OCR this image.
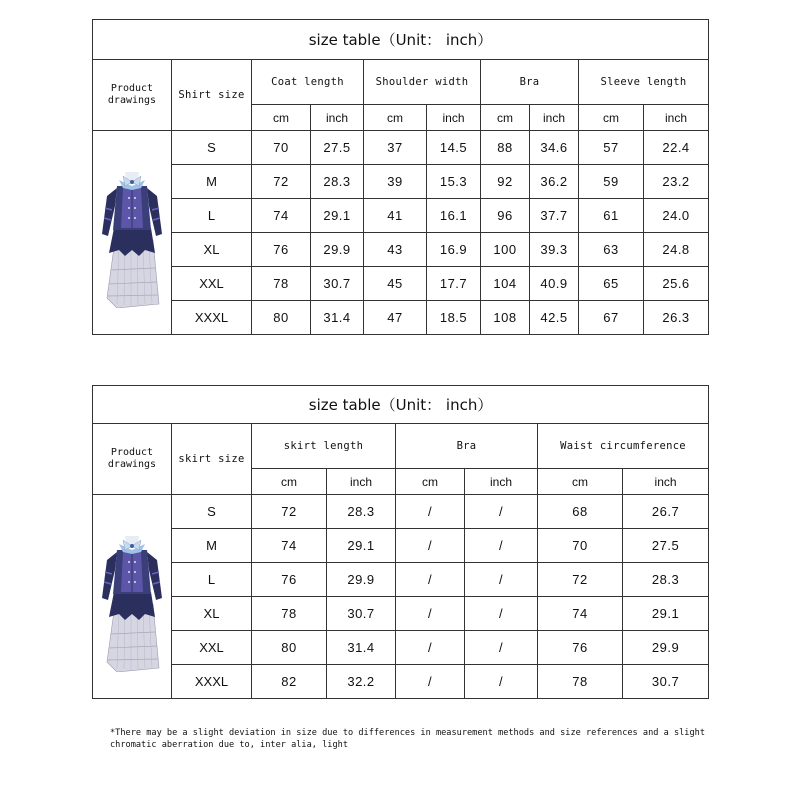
size table（Unit： inch）									
Product drawings	Shirt size	Coat length		Shoulder width		Bra		Sleeve length	
		cm	inch	cm	inch	cm	inch	cm	inch

	S	70	27.5	37	14.5	88	34.6	57	22.4
	M	72	28.3	39	15.3	92	36.2	59	23.2
	L	74	29.1	41	16.1	96	37.7	61	24.0
	XL	76	29.9	43	16.9	100	39.3	63	24.8
	XXL	78	30.7	45	17.7	104	40.9	65	25.6
	XXXL	80	31.4	47	18.5	108	42.5	67	26.3
size table（Unit： inch）							
Product drawings	skirt size	skirt length		Bra		Waist circumference	
		cm	inch	cm	inch	cm	inch

	S	72	28.3	/	/	68	26.7
	M	74	29.1	/	/	70	27.5
	L	76	29.9	/	/	72	28.3
	XL	78	30.7	/	/	74	29.1
	XXL	80	31.4	/	/	76	29.9
	XXXL	82	32.2	/	/	78	30.7
*There may be a slight deviation in size due to differences in measurement methods and size references and a slight chromatic aberration due to, inter alia, light
